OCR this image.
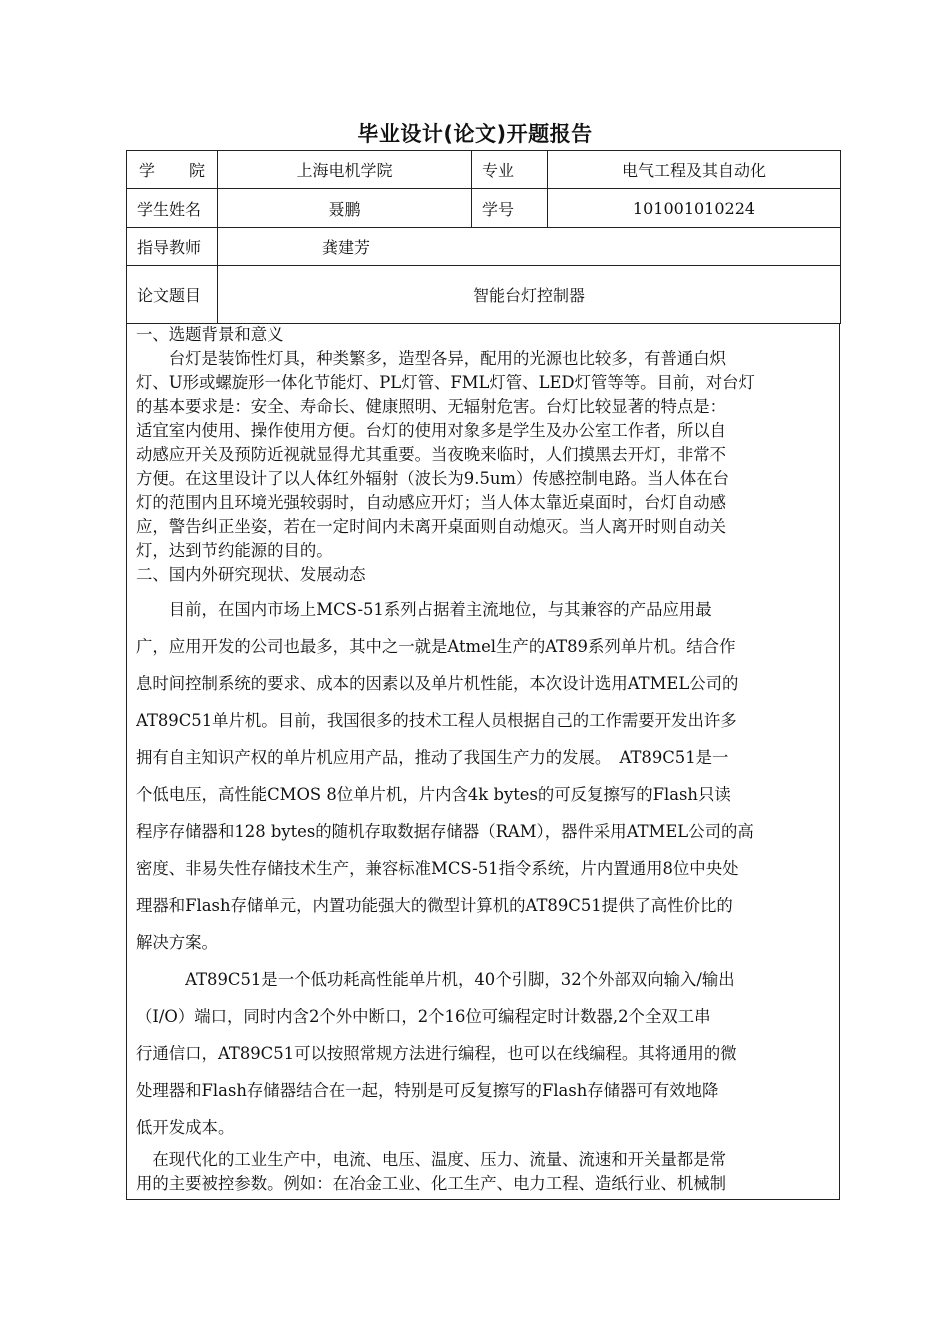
毕业设计(论文)开题报告
学　院	上海电机学院	专业	电气工程及其自动化
学生姓名	聂鹏	学号	101001010224
指导教师	龚建芳		
论文题目	智能台灯控制器		
一、选题背景和意义
　　台灯是装饰性灯具，种类繁多，造型各异，配用的光源也比较多，有普通白炽
灯、U形或螺旋形一体化节能灯、PL灯管、FML灯管、LED灯管等等。目前，对台灯
的基本要求是：安全、寿命长、健康照明、无辐射危害。台灯比较显著的特点是：
适宜室内使用、操作使用方便。台灯的使用对象多是学生及办公室工作者，所以自
动感应开关及预防近视就显得尤其重要。当夜晚来临时，人们摸黑去开灯，非常不
方便。在这里设计了以人体红外辐射（波长为9.5um）传感控制电路。当人体在台
灯的范围内且环境光强较弱时，自动感应开灯；当人体太靠近桌面时，台灯自动感
应，警告纠正坐姿，若在一定时间内未离开桌面则自动熄灭。当人离开时则自动关
灯，达到节约能源的目的。
二、国内外研究现状、发展动态
　　目前，在国内市场上MCS-51系列占据着主流地位，与其兼容的产品应用最
广，应用开发的公司也最多，其中之一就是Atmel生产的AT89系列单片机。结合作
息时间控制系统的要求、成本的因素以及单片机性能，本次设计选用ATMEL公司的
AT89C51单片机。目前，我国很多的技术工程人员根据自己的工作需要开发出许多
拥有自主知识产权的单片机应用产品，推动了我国生产力的发展。　AT89C51是一
个低电压，高性能CMOS 8位单片机，片内含4k bytes的可反复擦写的Flash只读
程序存储器和128 bytes的随机存取数据存储器（RAM），器件采用ATMEL公司的高
密度、非易失性存储技术生产，兼容标准MCS-51指令系统，片内置通用8位中央处
理器和Flash存储单元，内置功能强大的微型计算机的AT89C51提供了高性价比的
解决方案。
　　　AT89C51是一个低功耗高性能单片机，40个引脚，32个外部双向输入/输出
（I/O）端口，同时内含2个外中断口，2个16位可编程定时计数器,2个全双工串
行通信口，AT89C51可以按照常规方法进行编程，也可以在线编程。其将通用的微
处理器和Flash存储器结合在一起，特别是可反复擦写的Flash存储器可有效地降
低开发成本。
　在现代化的工业生产中，电流、电压、温度、压力、流量、流速和开关量都是常
用的主要被控参数。例如：在冶金工业、化工生产、电力工程、造纸行业、机械制
